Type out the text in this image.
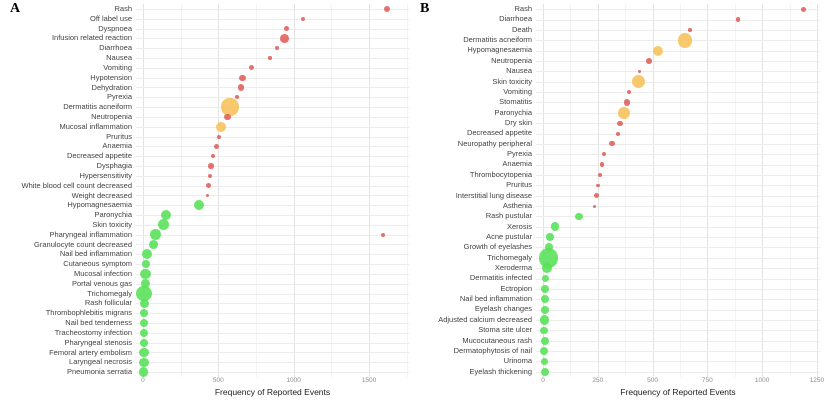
A	Rash
Off label use
Dyspnoea
Infusion related reaction
Diarrhoea
Nausea
Vomiting
Hypotension
Dehydration
Pyrexia
Dermatitis acneiform
Neutropenia
Mucosal inflammation
Pruritus
Anaemia
Decreased appetite
Dysphagia
Hypersensitivity
White blood cell count decreased
Weight decreased
Hypomagnesaemia
Paronychia
Skin toxicity
Pharyngeal inflammation
Granulocyte count decreased
Nail bed inflammation
Cutaneous symptom
Mucosal infection
Portal venous gas
Trichomegaly
Rash follicular
Thrombophlebitis migrans
Nail bed tenderness
Tracheostomy infection
Pharyngeal stenosis
Femoral artery embolism
Laryngeal necrosis
Pneumonia serratia
0	500	1000	1500
Frequency of Reported Events
B	Rash
Diarrhoea
Death
Dermatitis acneiform
Hypomagnesaemia
Neutropenia
Nausea
Skin toxicity
Vomiting
Stomatitis
Paronychia
Dry skin
Decreased appetite
Neuropathy peripheral
Pyrexia
Anaemia
Thrombocytopenia
Pruritus
Interstitial lung disease
Asthenia
Rash pustular
Xerosis
Acne pustular
Growth of eyelashes
Trichomegaly
Xeroderma
Dermatitis infected
Ectropion
Nail bed inflammation
Eyelash changes
Adjusted calcium decreased
Stoma site ulcer
Mucocutaneous rash
Dermatophytosis of nail
Urinoma
Eyelash thickening
0	250	500	750	1000	1250
Frequency of Reported Events
